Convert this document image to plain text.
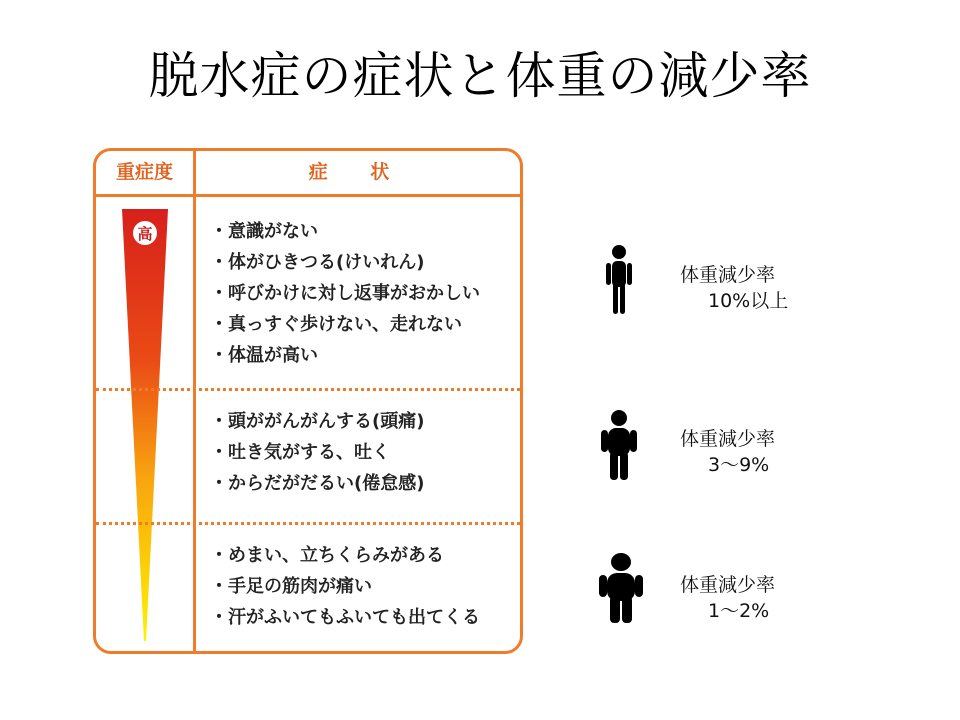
脱水症の症状と体重の減少率
重症度	症 状
高	・意識がない
・体がひきつる(けいれん)
・呼びかけに対し返事がおかしい
・真っすぐ歩けない、走れない
・体温が高い
・頭ががんがんする(頭痛)
・吐き気がする、吐く
・からだがだるい(倦怠感)
・めまい、立ちくらみがある
・手足の筋肉が痛い
・汗がふいてもふいても出てくる
体重減少率
10%以上
体重減少率
3〜9%
体重減少率
1〜2%
